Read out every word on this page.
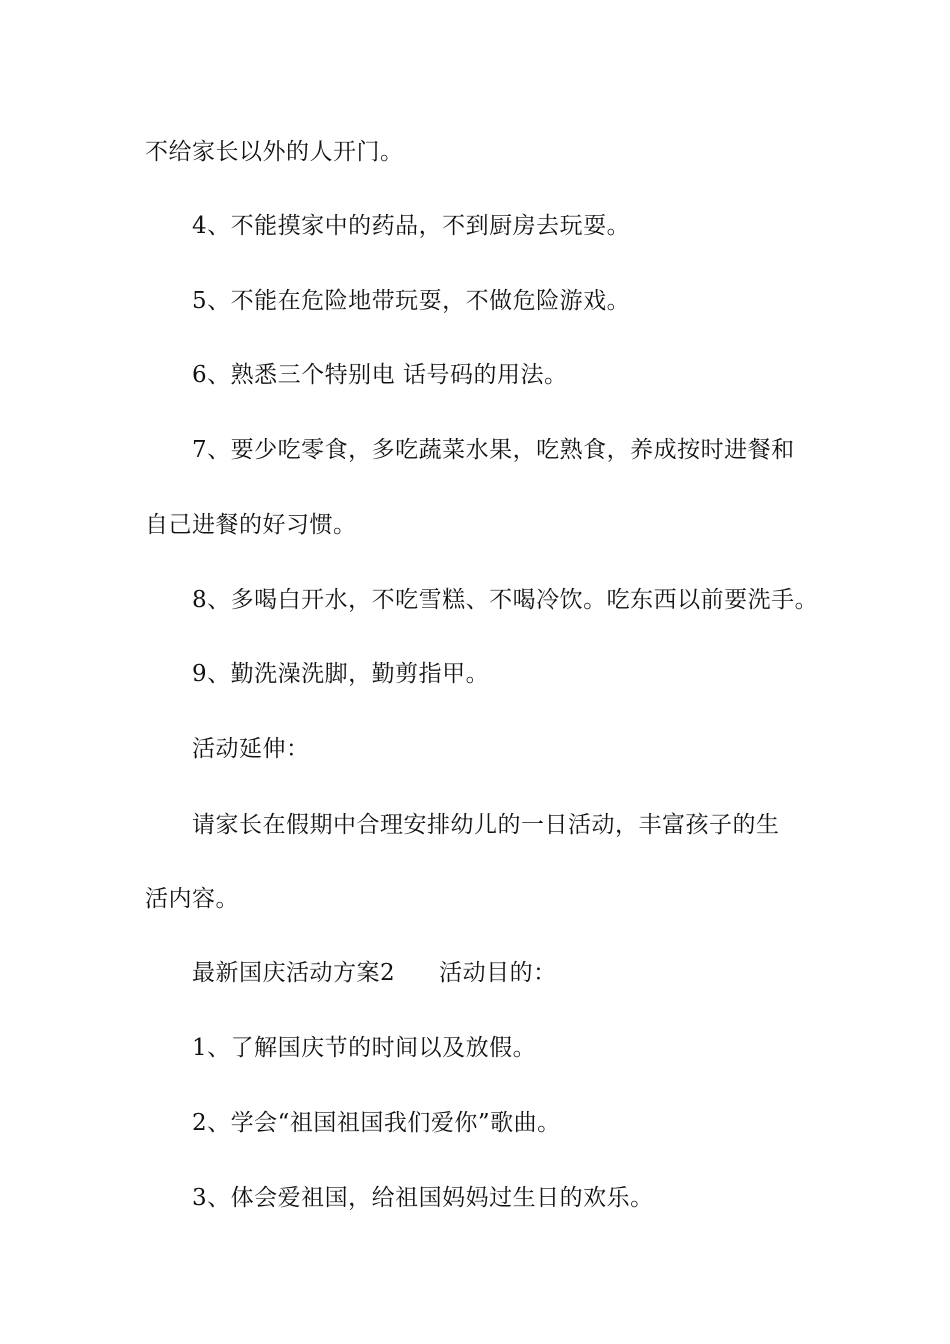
不给家长以外的人开门。
4、不能摸家中的药品，不到厨房去玩耍。
5、不能在危险地带玩耍，不做危险游戏。
6、熟悉三个特别电 话号码的用法。
7、要少吃零食，多吃蔬菜水果，吃熟食，养成按时进餐和
自己进餐的好习惯。
8、多喝白开水，不吃雪糕、不喝冷饮。吃东西以前要洗手。
9、勤洗澡洗脚，勤剪指甲。
活动延伸：
请家长在假期中合理安排幼儿的一日活动，丰富孩子的生
活内容。
最新国庆活动方案2 活动目的：
1、了解国庆节的时间以及放假。
2、学会“祖国祖国我们爱你”歌曲。
3、体会爱祖国，给祖国妈妈过生日的欢乐。
